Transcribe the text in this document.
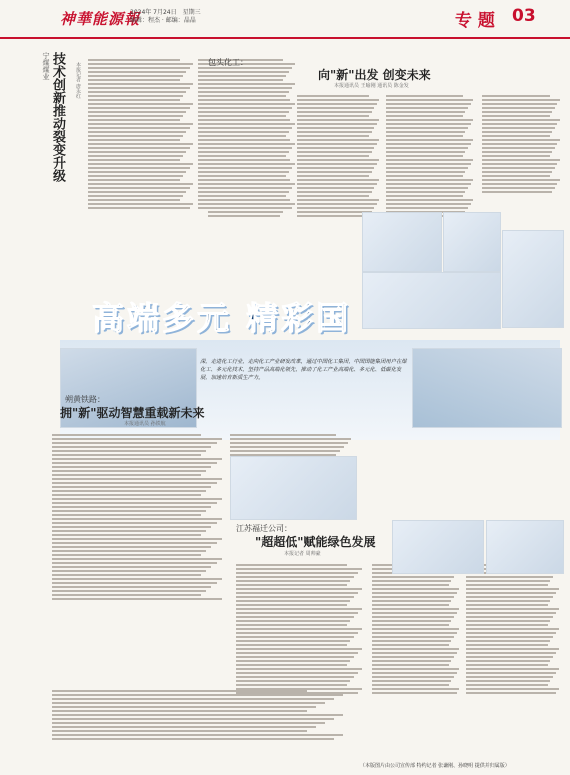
神華能源報
2024年 7月24日　星期三
编辑：程杰 · 邮编：晶晶	专 题 03
宁煤煤业 技术创新推动裂变升级	本报记者 唐永红	包头化工：
向"新"出发 创变未来
本报通讯员 王喻刚 通讯员 陈金发
高端多元 精彩国
深，走进化工行业，走向化工产业研发改革，通过中国化工集团，中国国能集团用户在煤化工、多元化技术，坚持产品高端化领先，推动了化工产业高端化、多元化、低碳化发展，加速培育新质生产力。
朔黄铁路：
拥"新"驱动智慧重载新未来
本报通讯员 孙铁航
江苏福迁公司：
"超超低"赋能绿色发展
本报记者 周帅豪
（本版图片由公司宣传部 特约记者 张谦刚、孙晓明 提供并归属版）
